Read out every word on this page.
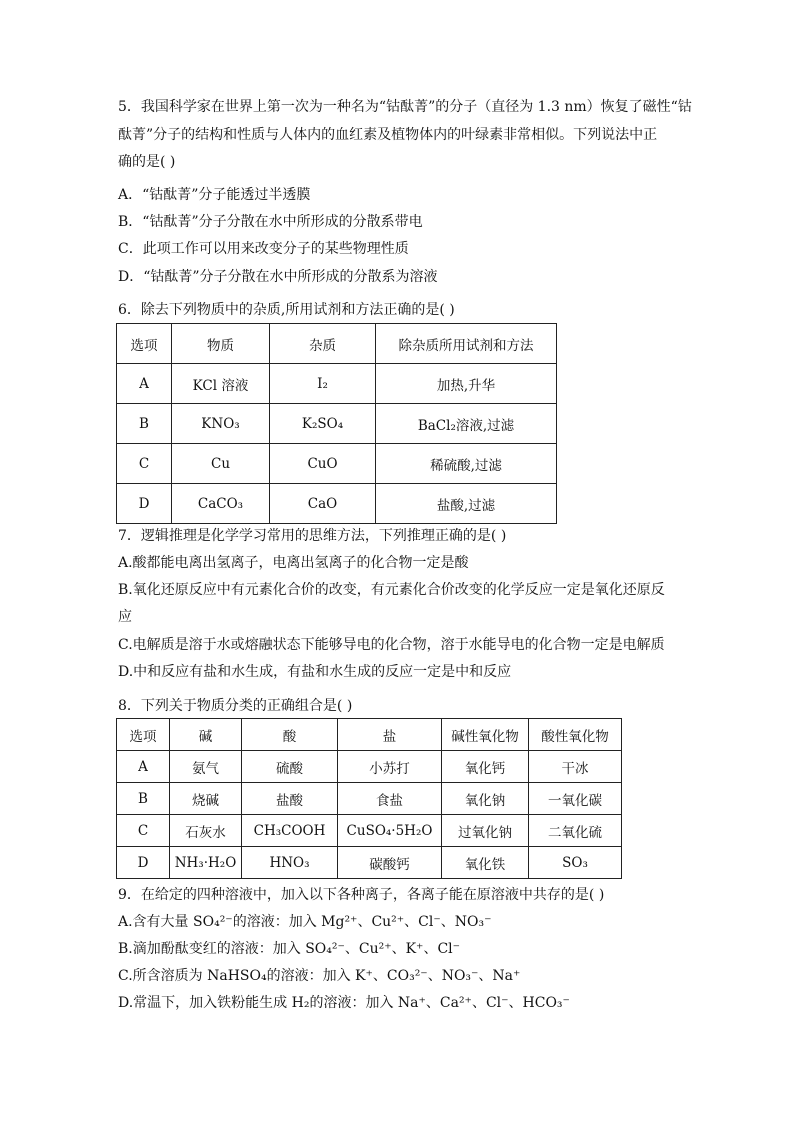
5．我国科学家在世界上第一次为一种名为“钴酞菁”的分子（直径为 1.3 nm）恢复了磁性“钴
酞菁”分子的结构和性质与人体内的血红素及植物体内的叶绿素非常相似。下列说法中正
确的是( )
A．“钴酞菁”分子能透过半透膜
B．“钴酞菁”分子分散在水中所形成的分散系带电
C．此项工作可以用来改变分子的某些物理性质
D．“钴酞菁”分子分散在水中所形成的分散系为溶液
6．除去下列物质中的杂质,所用试剂和方法正确的是( )
选项	物质	杂质	除杂质所用试剂和方法
A	KCl 溶液	I₂	加热,升华
B	KNO₃	K₂SO₄	BaCl₂溶液,过滤
C	Cu	CuO	稀硫酸,过滤
D	CaCO₃	CaO	盐酸,过滤
7．逻辑推理是化学学习常用的思维方法，下列推理正确的是( )
A.酸都能电离出氢离子，电离出氢离子的化合物一定是酸
B.氧化还原反应中有元素化合价的改变，有元素化合价改变的化学反应一定是氧化还原反
应
C.电解质是溶于水或熔融状态下能够导电的化合物，溶于水能导电的化合物一定是电解质
D.中和反应有盐和水生成，有盐和水生成的反应一定是中和反应
8．下列关于物质分类的正确组合是( )
选项	碱	酸	盐	碱性氧化物	酸性氧化物
A	氨气	硫酸	小苏打	氧化钙	干冰
B	烧碱	盐酸	食盐	氧化钠	一氧化碳
C	石灰水	CH₃COOH	CuSO₄·5H₂O	过氧化钠	二氧化硫
D	NH₃·H₂O	HNO₃	碳酸钙	氧化铁	SO₃
9．在给定的四种溶液中，加入以下各种离子，各离子能在原溶液中共存的是( )
A.含有大量 SO₄²⁻的溶液：加入 Mg²⁺、Cu²⁺、Cl⁻、NO₃⁻
B.滴加酚酞变红的溶液：加入 SO₄²⁻、Cu²⁺、K⁺、Cl⁻
C.所含溶质为 NaHSO₄的溶液：加入 K⁺、CO₃²⁻、NO₃⁻、Na⁺
D.常温下，加入铁粉能生成 H₂的溶液：加入 Na⁺、Ca²⁺、Cl⁻、HCO₃⁻
